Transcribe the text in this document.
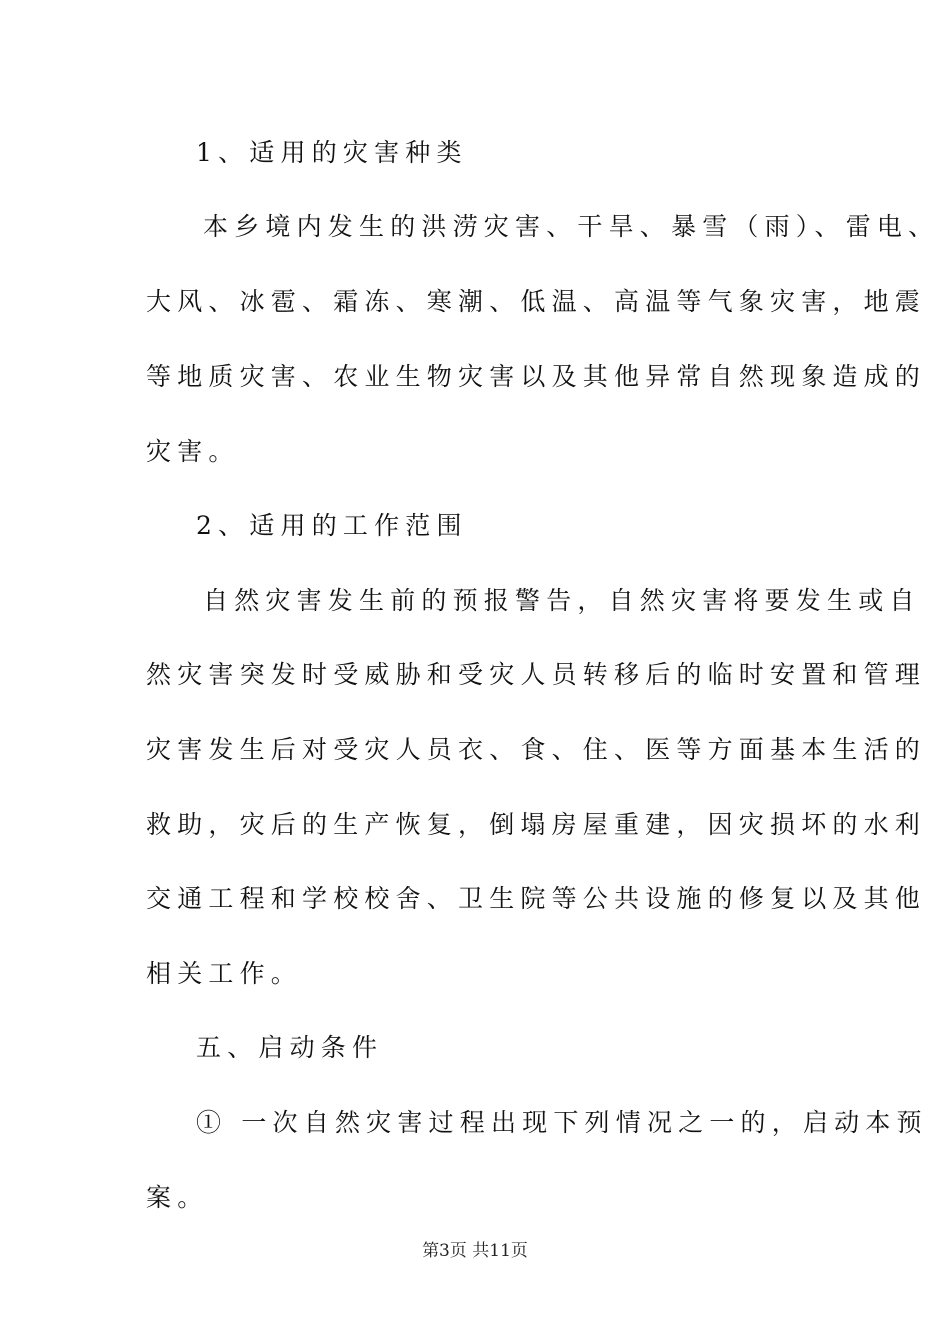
1、适用的灾害种类
本乡境内发生的洪涝灾害、干旱、暴雪（雨）、雷电、
大风、冰雹、霜冻、寒潮、低温、高温等气象灾害，地震
等地质灾害、农业生物灾害以及其他异常自然现象造成的
灾害。
2、适用的工作范围
自然灾害发生前的预报警告，自然灾害将要发生或自
然灾害突发时受威胁和受灾人员转移后的临时安置和管理
灾害发生后对受灾人员衣、食、住、医等方面基本生活的
救助，灾后的生产恢复，倒塌房屋重建，因灾损坏的水利
交通工程和学校校舍、卫生院等公共设施的修复以及其他
相关工作。
五、启动条件
① 一次自然灾害过程出现下列情况之一的，启动本预
案。
第3页 共11页
